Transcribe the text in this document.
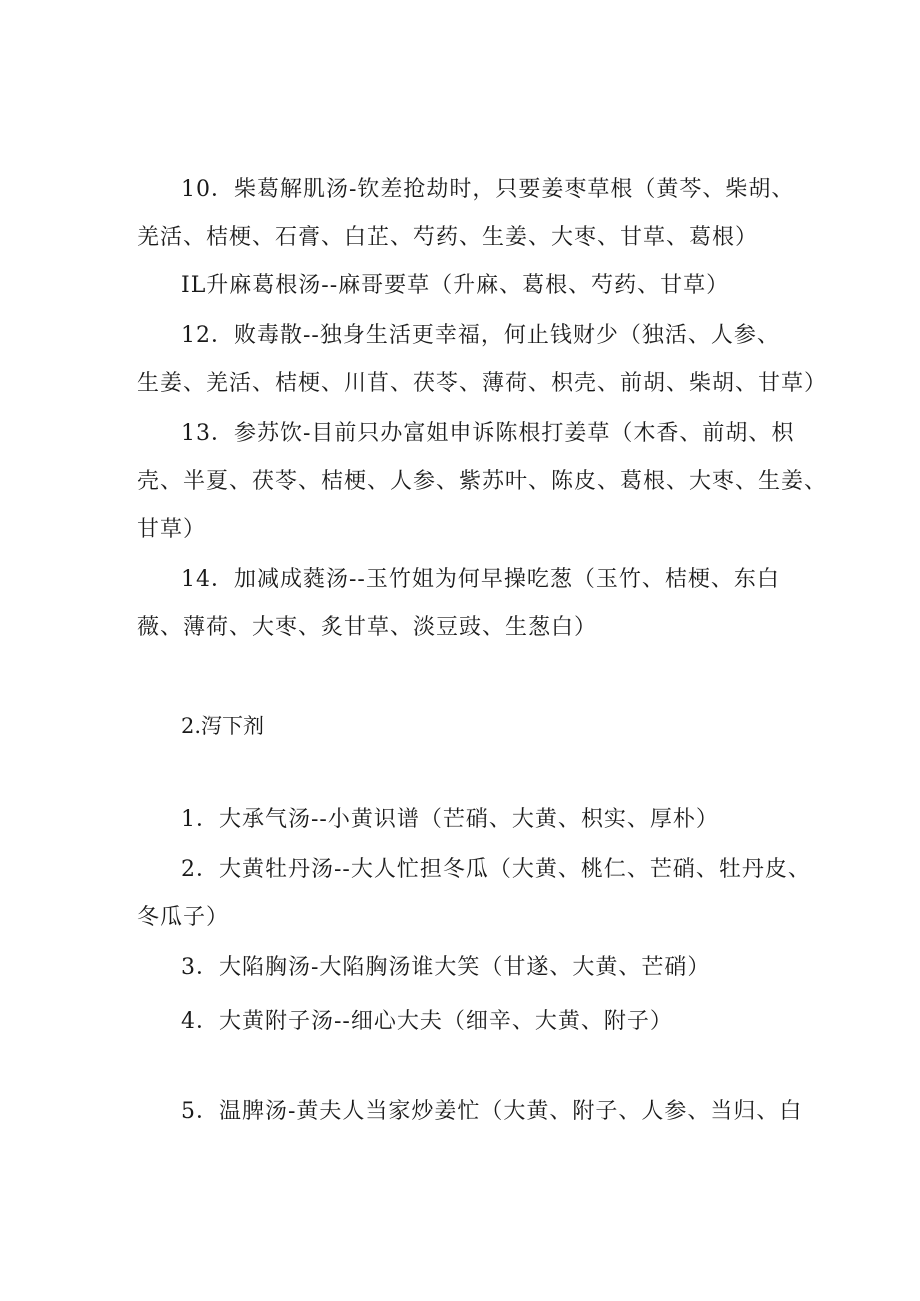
10．柴葛解肌汤-钦差抢劫时，只要姜枣草根（黄芩、柴胡、
羌活、桔梗、石膏、白芷、芍药、生姜、大枣、甘草、葛根）
IL升麻葛根汤--麻哥要草（升麻、葛根、芍药、甘草）
12．败毒散--独身生活更幸福，何止钱财少（独活、人参、
生姜、羌活、桔梗、川苜、茯苓、薄荷、枳壳、前胡、柴胡、甘草）
13．参苏饮-目前只办富姐申诉陈根打姜草（木香、前胡、枳
壳、半夏、茯苓、桔梗、人参、紫苏叶、陈皮、葛根、大枣、生姜、
甘草）
14．加减成蕤汤--玉竹姐为何早操吃葱（玉竹、桔梗、东白
薇、薄荷、大枣、炙甘草、淡豆豉、生葱白）
2.泻下剂
1．大承气汤--小黄识谱（芒硝、大黄、枳实、厚朴）
2．大黄牡丹汤--大人忙担冬瓜（大黄、桃仁、芒硝、牡丹皮、
冬瓜子）
3．大陷胸汤-大陷胸汤谁大笑（甘遂、大黄、芒硝）
4．大黄附子汤--细心大夫（细辛、大黄、附子）
5．温脾汤-黄夫人当家炒姜忙（大黄、附子、人参、当归、白
